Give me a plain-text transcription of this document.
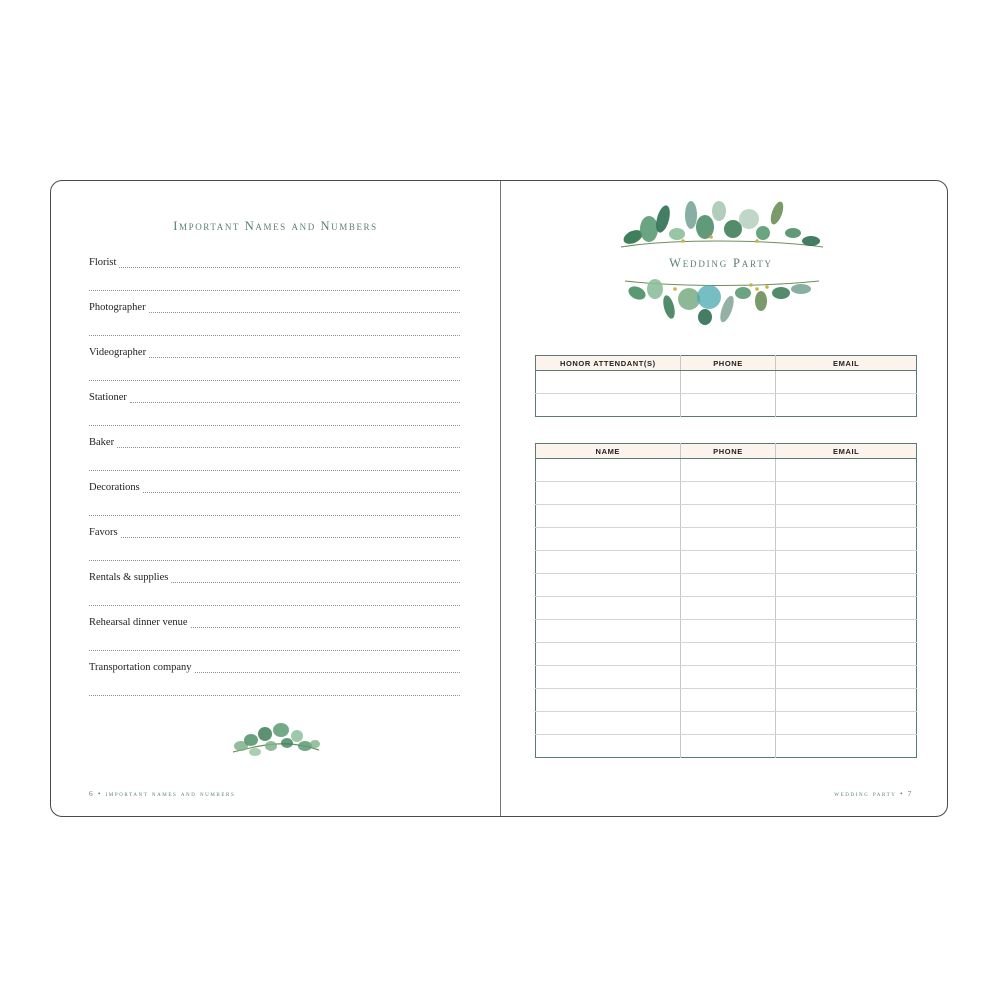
Important Names and Numbers
Florist
Photographer
Videographer
Stationer
Baker
Decorations
Favors
Rentals & supplies
Rehearsal dinner venue
Transportation company
6 • important names and numbers
Wedding Party
HONOR ATTENDANT(S)	PHONE	EMAIL

NAME	PHONE	EMAIL

wedding party • 7
